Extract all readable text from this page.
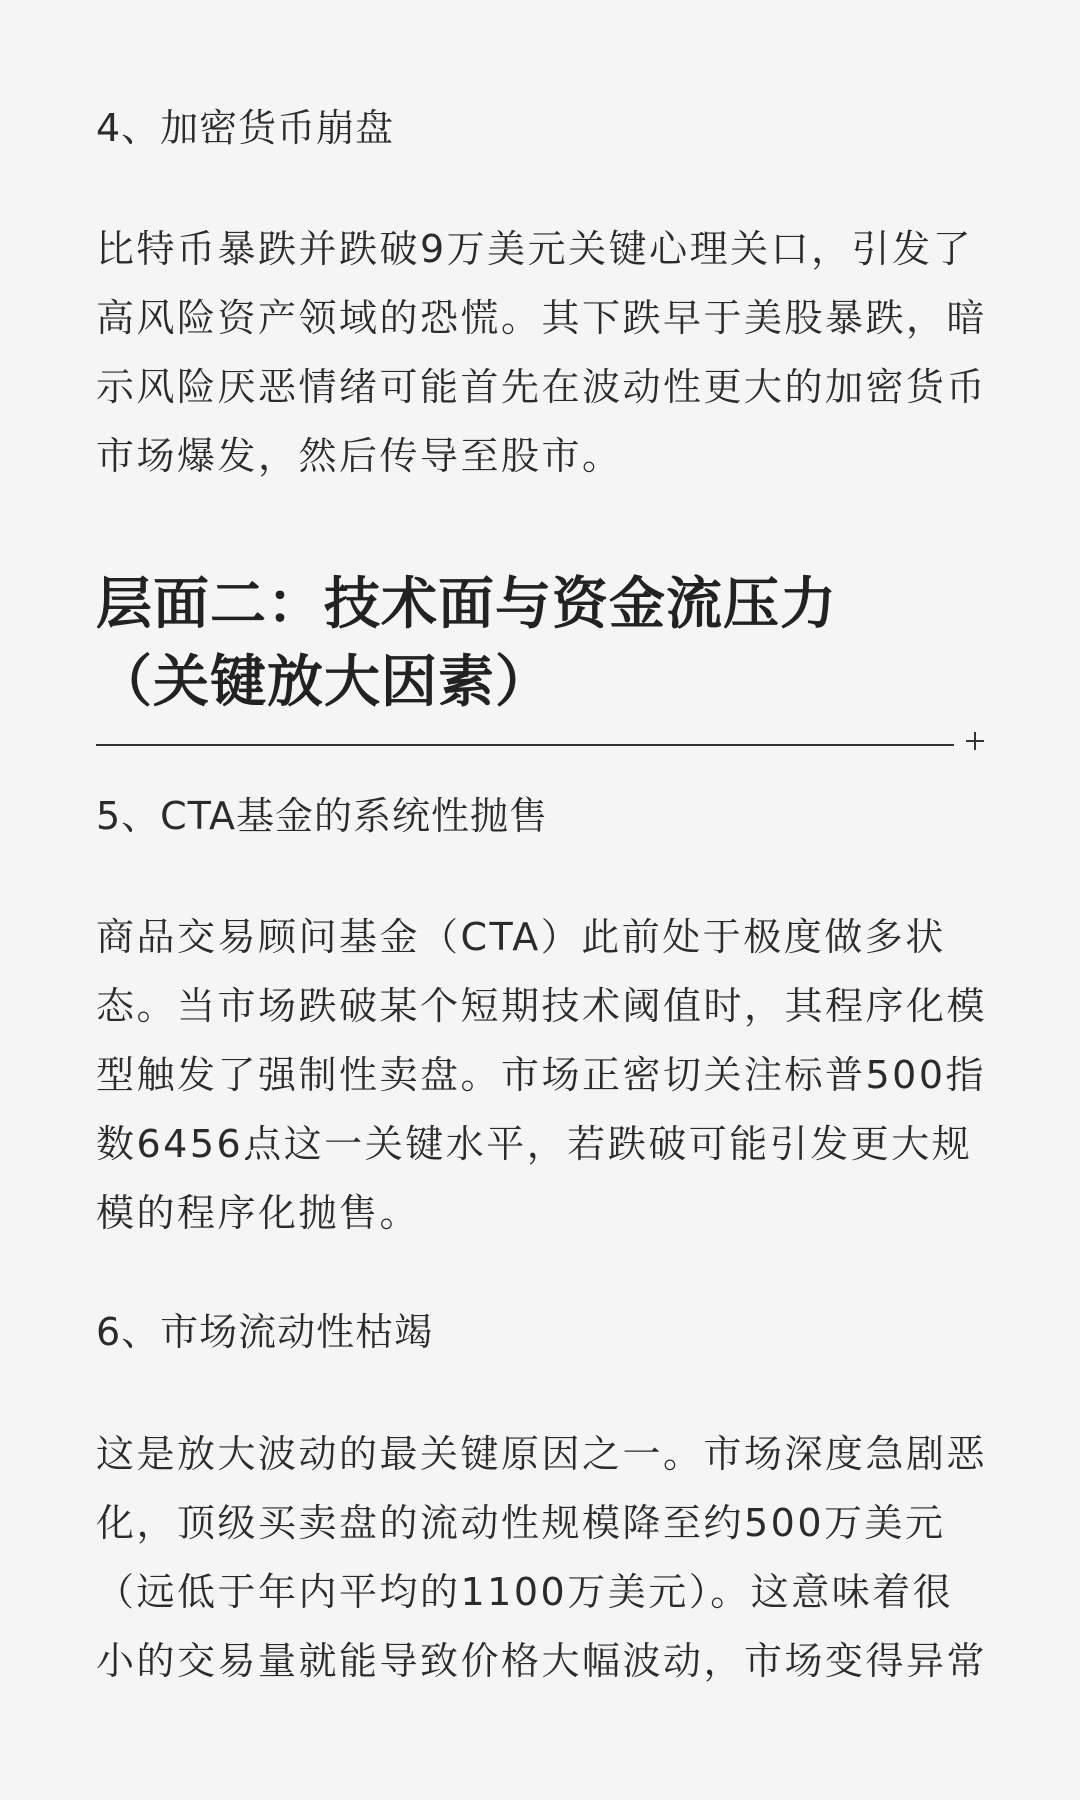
4、加密货币崩盘
比特币暴跌并跌破9万美元关键心理关口，引发了
高风险资产领域的恐慌。其下跌早于美股暴跌，暗
示风险厌恶情绪可能首先在波动性更大的加密货币
市场爆发，然后传导至股市。
层面二：技术面与资金流压力
（关键放大因素）
5、CTA基金的系统性抛售
商品交易顾问基金（CTA）此前处于极度做多状
态。当市场跌破某个短期技术阈值时，其程序化模
型触发了强制性卖盘。市场正密切关注标普500指
数6456点这一关键水平，若跌破可能引发更大规
模的程序化抛售。
6、市场流动性枯竭
这是放大波动的最关键原因之一。市场深度急剧恶
化，顶级买卖盘的流动性规模降至约500万美元
（远低于年内平均的1100万美元）。这意味着很
小的交易量就能导致价格大幅波动，市场变得异常
